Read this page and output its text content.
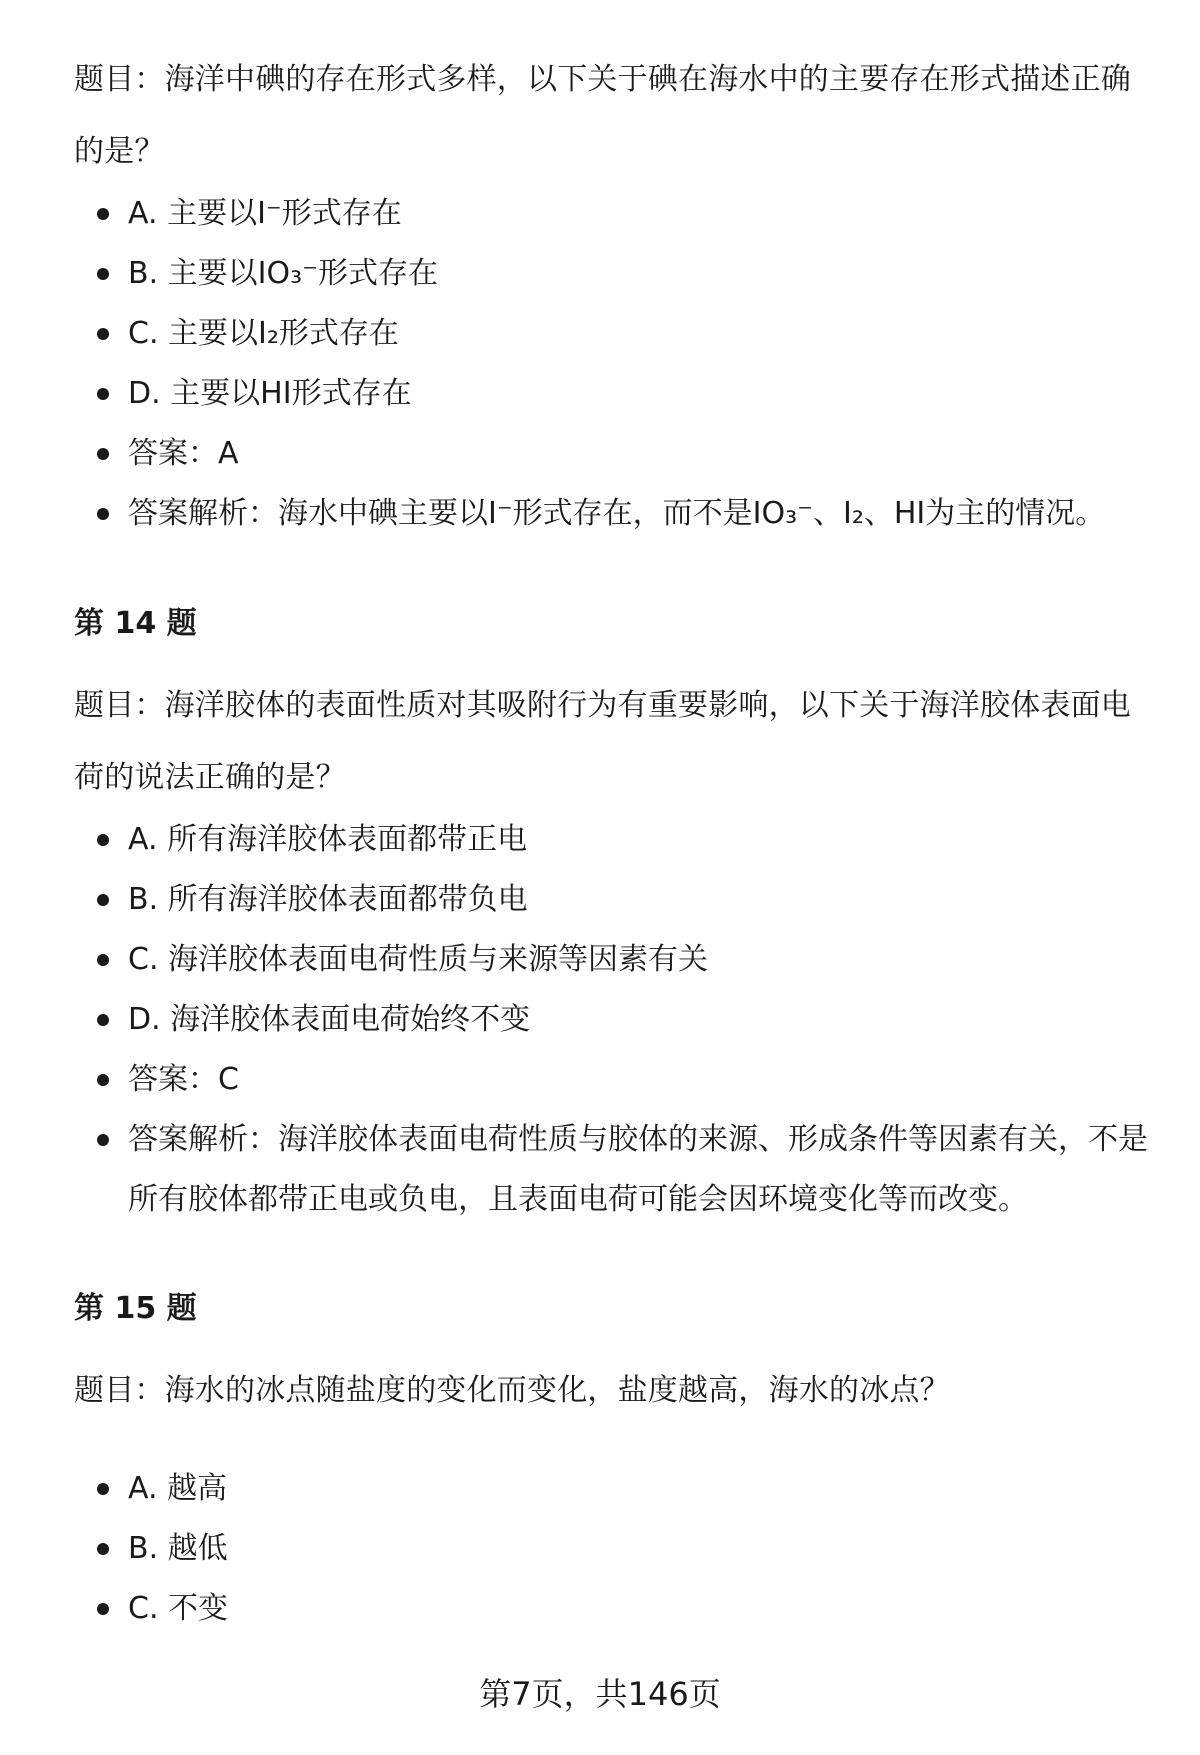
题目：海洋中碘的存在形式多样，以下关于碘在海水中的主要存在形式描述正确的是？

A. 主要以I⁻形式存在
B. 主要以IO₃⁻形式存在
C. 主要以I₂形式存在
D. 主要以HI形式存在
答案：A
答案解析：海水中碘主要以I⁻形式存在，而不是IO₃⁻、I₂、HI为主的情况。
第 14 题

题目：海洋胶体的表面性质对其吸附行为有重要影响，以下关于海洋胶体表面电荷的说法正确的是？

A. 所有海洋胶体表面都带正电
B. 所有海洋胶体表面都带负电
C. 海洋胶体表面电荷性质与来源等因素有关
D. 海洋胶体表面电荷始终不变
答案：C
答案解析：海洋胶体表面电荷性质与胶体的来源、形成条件等因素有关，不是所有胶体都带正电或负电，且表面电荷可能会因环境变化等而改变。
第 15 题

题目：海水的冰点随盐度的变化而变化，盐度越高，海水的冰点？

A. 越高
B. 越低
C. 不变
第7页，共146页
